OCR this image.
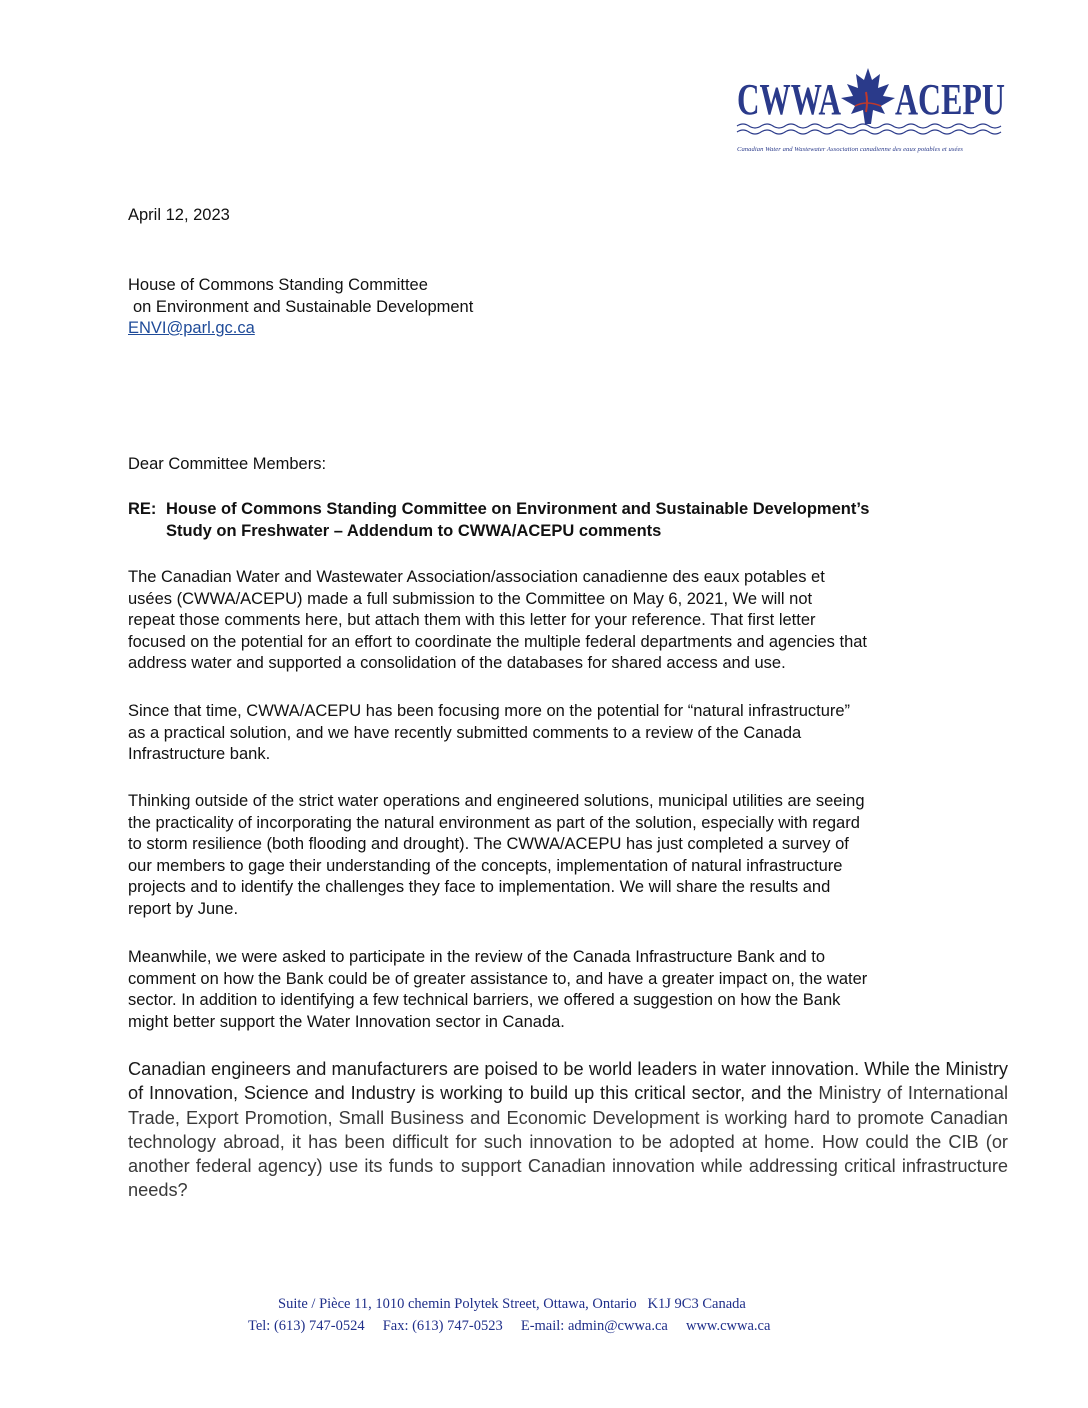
CWWA ACEPU
Canadian Water and Wastewater Association canadienne des eaux potables et usées
April 12, 2023
House of Commons Standing Committee
on Environment and Sustainable Development
ENVI@parl.gc.ca
Dear Committee Members:
RE: House of Commons Standing Committee on Environment and Sustainable Development’s
Study on Freshwater – Addendum to CWWA/ACEPU comments
The Canadian Water and Wastewater Association/association canadienne des eaux potables et
usées (CWWA/ACEPU) made a full submission to the Committee on May 6, 2021, We will not
repeat those comments here, but attach them with this letter for your reference. That first letter
focused on the potential for an effort to coordinate the multiple federal departments and agencies that
address water and supported a consolidation of the databases for shared access and use.
Since that time, CWWA/ACEPU has been focusing more on the potential for “natural infrastructure”
as a practical solution, and we have recently submitted comments to a review of the Canada
Infrastructure bank.
Thinking outside of the strict water operations and engineered solutions, municipal utilities are seeing
the practicality of incorporating the natural environment as part of the solution, especially with regard
to storm resilience (both flooding and drought). The CWWA/ACEPU has just completed a survey of
our members to gage their understanding of the concepts, implementation of natural infrastructure
projects and to identify the challenges they face to implementation. We will share the results and
report by June.
Meanwhile, we were asked to participate in the review of the Canada Infrastructure Bank and to
comment on how the Bank could be of greater assistance to, and have a greater impact on, the water
sector. In addition to identifying a few technical barriers, we offered a suggestion on how the Bank
might better support the Water Innovation sector in Canada.
Canadian engineers and manufacturers are poised to be world leaders in water innovation. While the Ministry of Innovation, Science and Industry is working to build up this critical sector, and the Ministry of International Trade, Export Promotion, Small Business and Economic Development is working hard to promote Canadian technology abroad, it has been difficult for such innovation to be adopted at home. How could the CIB (or another federal agency) use its funds to support Canadian innovation while addressing critical infrastructure needs?
Suite / Pièce 11, 1010 chemin Polytek Street, Ottawa, Ontario   K1J 9C3 Canada
Tel: (613) 747-0524     Fax: (613) 747-0523     E-mail: admin@cwwa.ca     www.cwwa.ca
